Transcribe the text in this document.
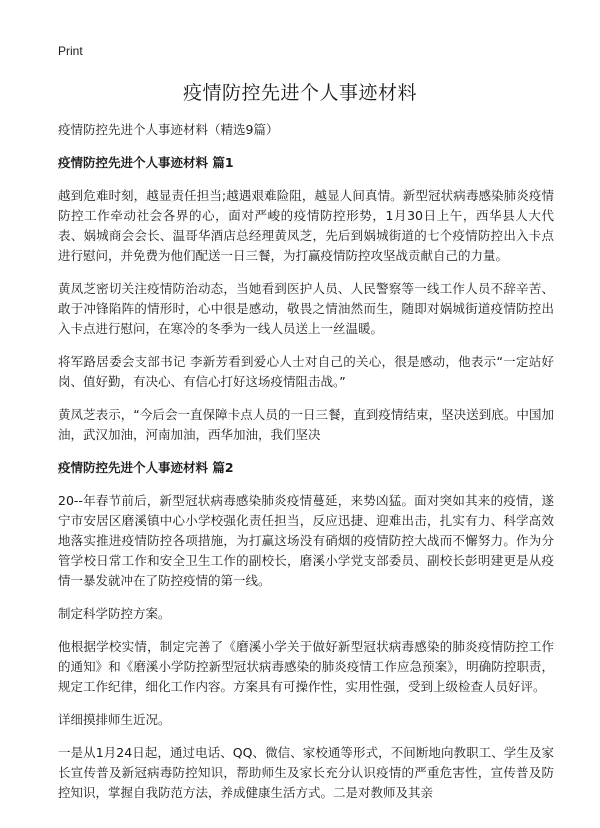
Print
疫情防控先进个人事迹材料

疫情防控先进个人事迹材料（精选9篇）

疫情防控先进个人事迹材料 篇1

越到危难时刻，越显责任担当;越遇艰难险阻，越显人间真情。新型冠状病毒感染肺炎疫情防控工作牵动社会各界的心，面对严峻的疫情防控形势，1月30日上午，西华县人大代表、娲城商会会长、温哥华酒店总经理黄凤芝，先后到娲城街道的七个疫情防控出入卡点进行慰问，并免费为他们配送一日三餐，为打赢疫情防控攻坚战贡献自己的力量。

黄凤芝密切关注疫情防治动态，当她看到医护人员、人民警察等一线工作人员不辞辛苦、敢于冲锋陷阵的情形时，心中很是感动，敬畏之情油然而生，随即对娲城街道疫情防控出入卡点进行慰问，在寒冷的冬季为一线人员送上一丝温暖。

将军路居委会支部书记 李新芳看到爱心人士对自己的关心，很是感动，他表示“一定站好岗、值好勤，有决心、有信心打好这场疫情阻击战。”

黄凤芝表示，“今后会一直保障卡点人员的一日三餐，直到疫情结束，坚决送到底。中国加油，武汉加油，河南加油，西华加油，我们坚决

疫情防控先进个人事迹材料 篇2

20--年春节前后，新型冠状病毒感染肺炎疫情蔓延，来势凶猛。面对突如其来的疫情，遂宁市安居区磨溪镇中心小学校强化责任担当，反应迅捷、迎难出击，扎实有力、科学高效地落实推进疫情防控各项措施，为打赢这场没有硝烟的疫情防控大战而不懈努力。作为分管学校日常工作和安全卫生工作的副校长，磨溪小学党支部委员、副校长彭明建更是从疫情一暴发就冲在了防控疫情的第一线。

制定科学防控方案。

他根据学校实情，制定完善了《磨溪小学关于做好新型冠状病毒感染的肺炎疫情防控工作的通知》和《磨溪小学防控新型冠状病毒感染的肺炎疫情工作应急预案》，明确防控职责，规定工作纪律，细化工作内容。方案具有可操作性，实用性强，受到上级检查人员好评。

详细摸排师生近况。

一是从1月24日起，通过电话、QQ、微信、家校通等形式，不间断地向教职工、学生及家长宣传普及新冠病毒防控知识，帮助师生及家长充分认识疫情的严重危害性，宣传普及防控知识，掌握自我防范方法，养成健康生活方式。二是对教师及其亲
